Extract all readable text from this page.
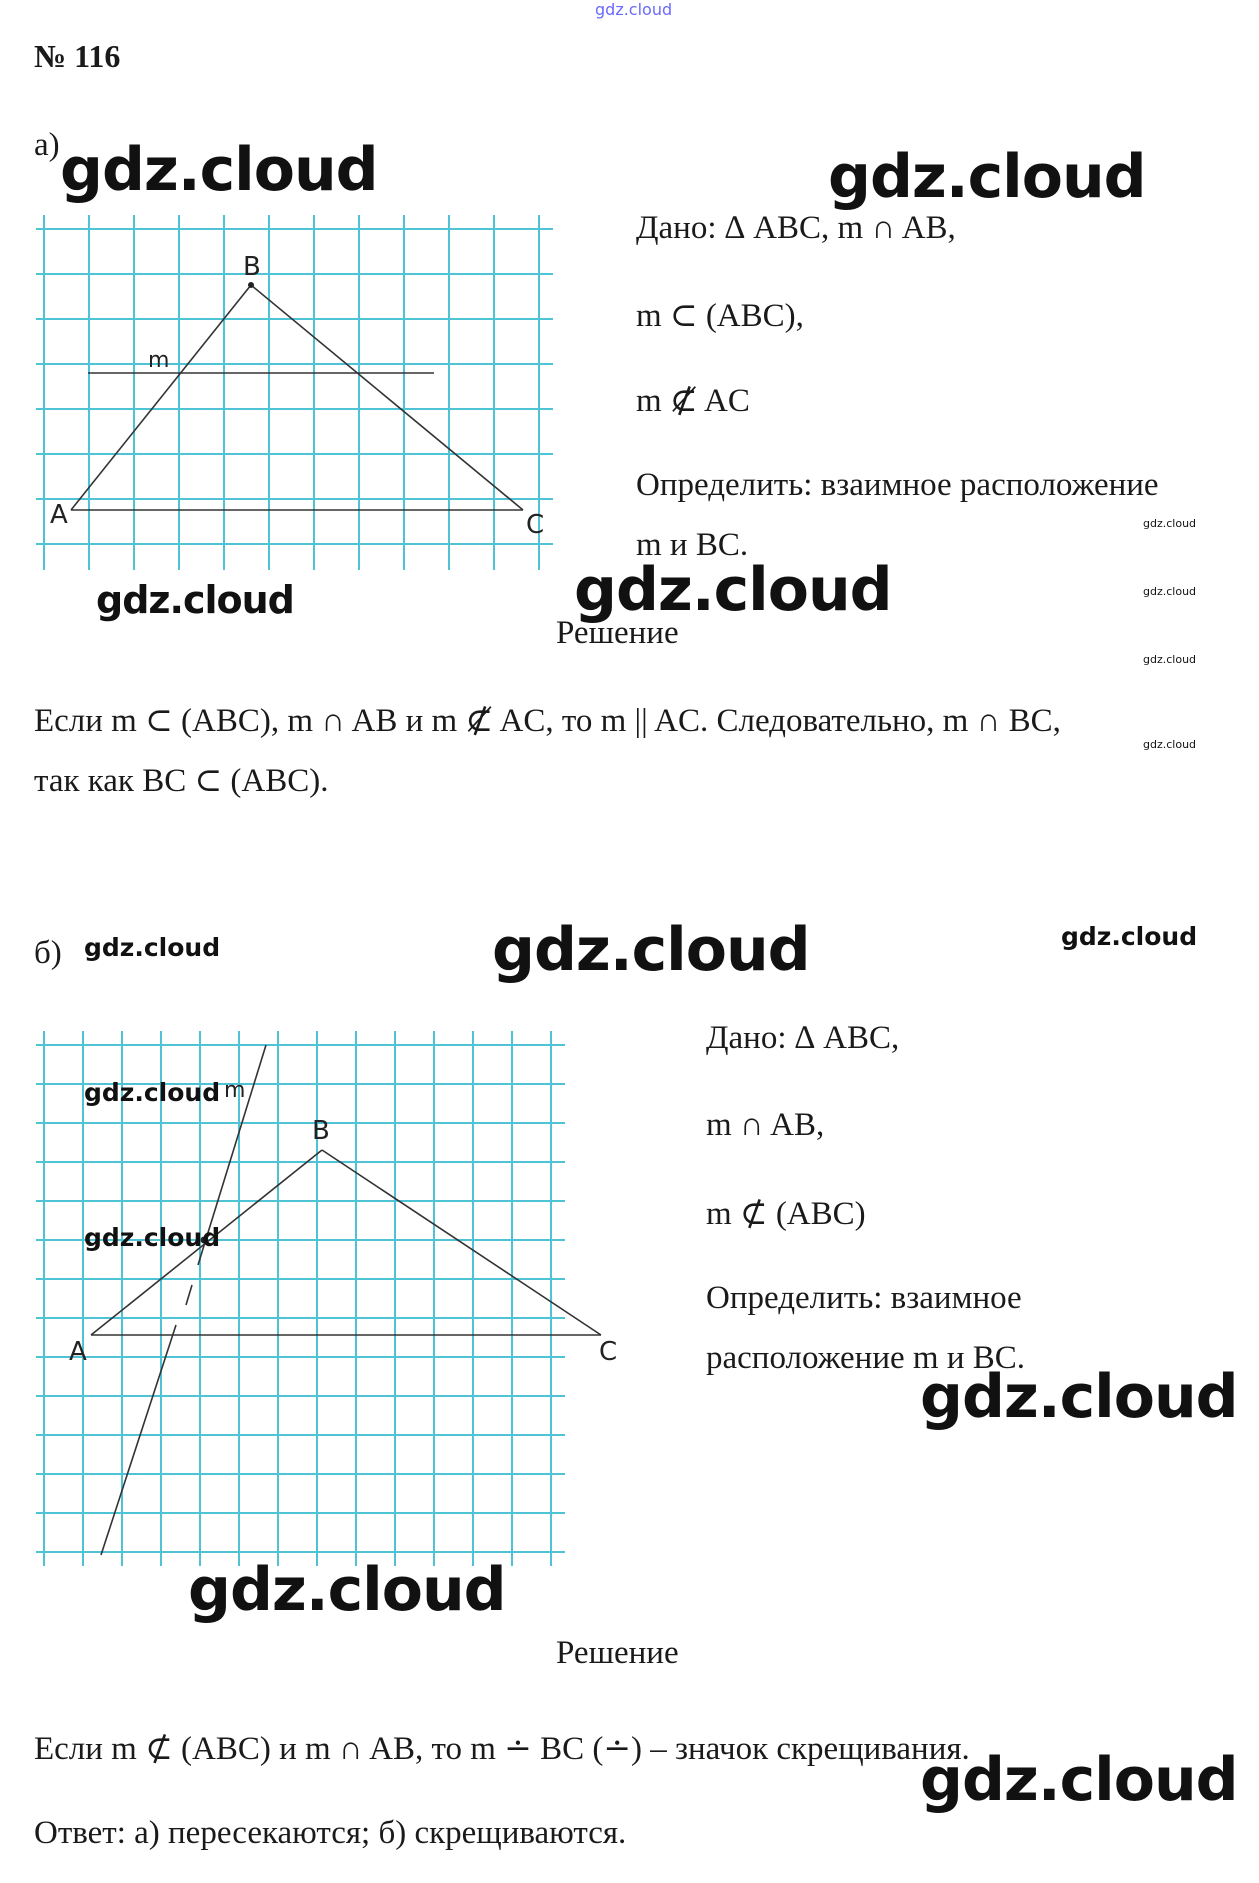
gdz.cloud
№ 116
а)
A
B
C
m
Дано: ∆ ABC, m ∩ AB,
m ⊂ (ABC),
m ⊄̸ AC
Определить: взаимное расположение
m и BC.
Решение
Если m ⊂ (ABC), m ∩ AB и m ⊄̸ AC, то m || AC. Следовательно, m ∩ BC,
так как BC ⊂ (ABC).
б)
A
B
C
m
Дано: ∆ ABC,
m ∩ AB,
m ⊄ (ABC)
Определить: взаимное
расположение m и BC.
Решение
Если m ⊄ (ABC) и m ∩ AB, то m ∸ BC (∸) – значок скрещивания.
Ответ: а) пересекаются; б) скрещиваются.
gdz.cloud	gdz.cloud
gdz.cloud	gdz.cloud
gdz.cloud
gdz.cloud
gdz.cloud
gdz.cloud
gdz.cloud	gdz.cloud	gdz.cloud
gdz.cloud
gdz.cloud
gdz.cloud
gdz.cloud
gdz.cloud
